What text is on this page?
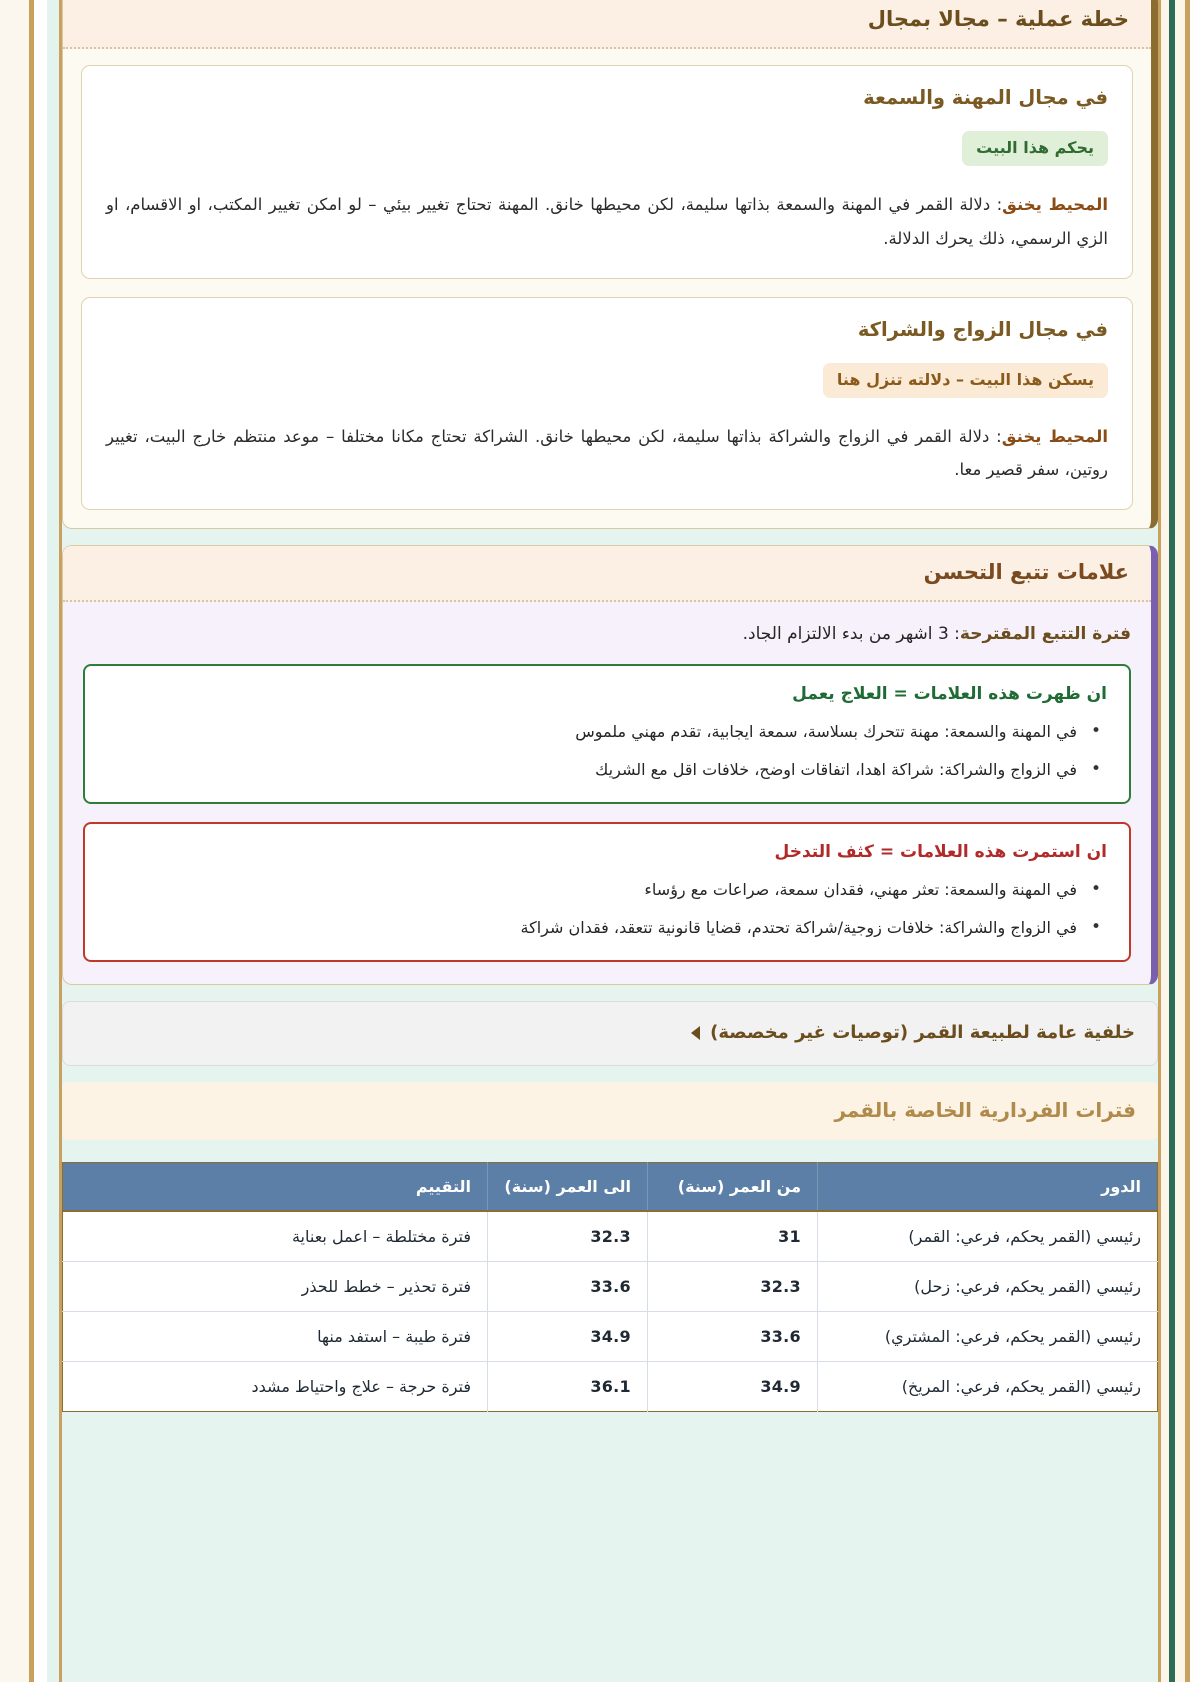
خطة عملية – مجالا بمجال
في مجال المهنة والسمعة
يحكم هذا البيت

المحيط يخنق: دلالة القمر في المهنة والسمعة بذاتها سليمة، لكن محيطها خانق. المهنة تحتاج تغيير بيئي – لو امكن تغيير المكتب، او الاقسام، او الزي الرسمي، ذلك يحرك الدلالة.

في مجال الزواج والشراكة
يسكن هذا البيت – دلالته تنزل هنا

المحيط يخنق: دلالة القمر في الزواج والشراكة بذاتها سليمة، لكن محيطها خانق. الشراكة تحتاج مكانا مختلفا – موعد منتظم خارج البيت، تغيير روتين، سفر قصير معا.

علامات تتبع التحسن

فترة التتبع المقترحة: 3 اشهر من بدء الالتزام الجاد.

ان ظهرت هذه العلامات = العلاج يعمل
• في المهنة والسمعة: مهنة تتحرك بسلاسة، سمعة ايجابية، تقدم مهني ملموس
• في الزواج والشراكة: شراكة اهدا، اتفاقات اوضح، خلافات اقل مع الشريك
ان استمرت هذه العلامات = كثف التدخل
• في المهنة والسمعة: تعثر مهني، فقدان سمعة، صراعات مع رؤساء
• في الزواج والشراكة: خلافات زوجية/شراكة تحتدم، قضايا قانونية تتعقد، فقدان شراكة
خلفية عامة لطبيعة القمر (توصيات غير مخصصة)
فترات الفردارية الخاصة بالقمر
الدور	من العمر (سنة)	الى العمر (سنة)	التقييم
رئيسي (القمر يحكم، فرعي: القمر)	31	32.3	فترة مختلطة – اعمل بعناية
رئيسي (القمر يحكم، فرعي: زحل)	32.3	33.6	فترة تحذير – خطط للحذر
رئيسي (القمر يحكم، فرعي: المشتري)	33.6	34.9	فترة طيبة – استفد منها
رئيسي (القمر يحكم، فرعي: المريخ)	34.9	36.1	فترة حرجة – علاج واحتياط مشدد
